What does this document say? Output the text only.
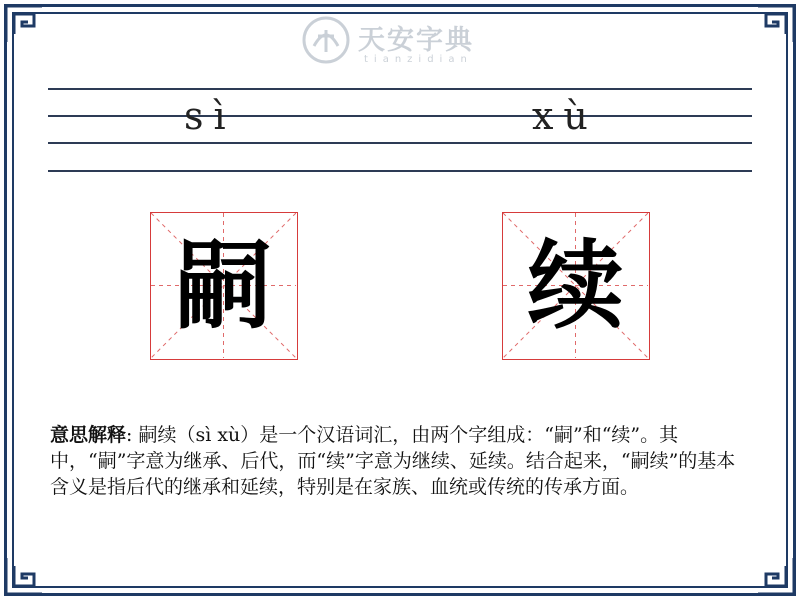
天安字典
tianzidian
sì	xù
嗣	续
意思解释: 嗣续（sì xù）是一个汉语词汇，由两个字组成：“嗣”和“续”。其中，“嗣”字意为继承、后代，而“续”字意为继续、延续。结合起来，“嗣续”的基本含义是指后代的继承和延续，特别是在家族、血统或传统的传承方面。
